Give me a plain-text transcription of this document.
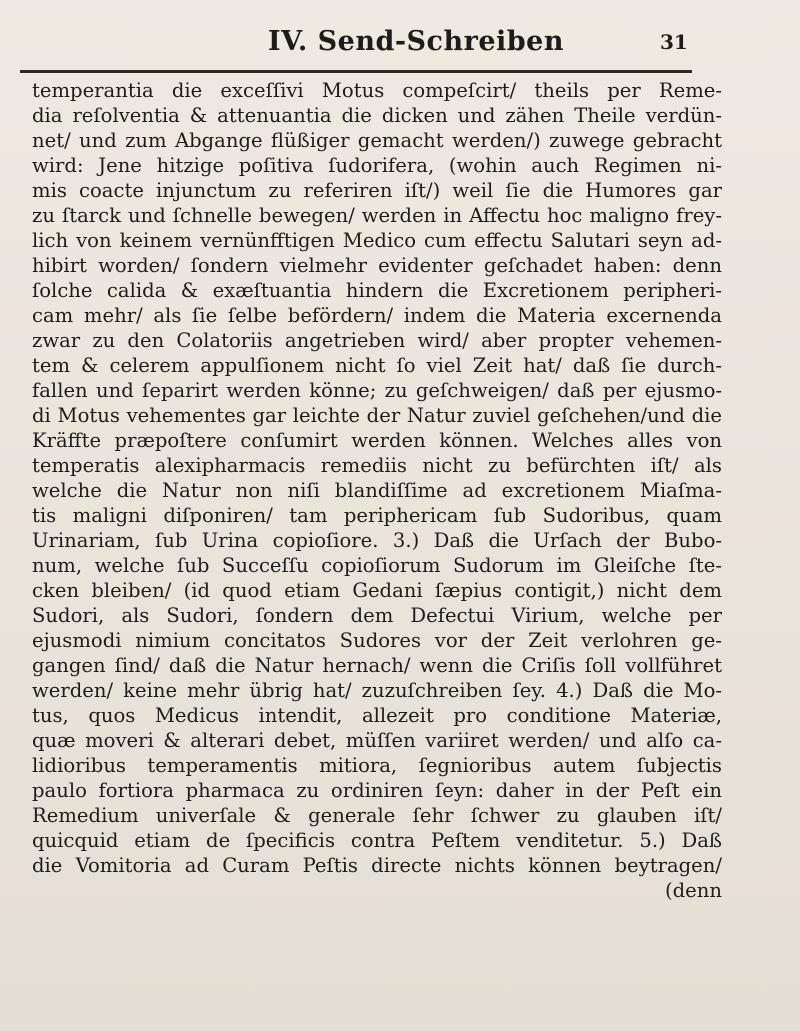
IV. Send-Schreiben	31
temperantia die exceſſivi Motus compeſcirt/ theils per Reme-
dia reſolventia & attenuantia die dicken und zähen Theile verdün-
net/ und zum Abgange flüßiger gemacht werden/) zuwege gebracht
wird: Jene hitzige poſitiva ſudorifera, (wohin auch Regimen ni-
mis coacte injunctum zu referiren iſt/) weil ſie die Humores gar
zu ſtarck und ſchnelle bewegen/ werden in Affectu hoc maligno frey-
lich von keinem vernünfftigen Medico cum effectu Salutari seyn ad-
hibirt worden/ ſondern vielmehr evidenter geſchadet haben: denn
ſolche calida & exæſtuantia hindern die Excretionem peripheri-
cam mehr/ als ſie ſelbe befördern/ indem die Materia excernenda
zwar zu den Colatoriis angetrieben wird/ aber propter vehemen-
tem & celerem appulſionem nicht ſo viel Zeit hat/ daß ſie durch-
fallen und ſeparirt werden könne; zu geſchweigen/ daß per ejusmo-
di Motus vehementes gar leichte der Natur zuviel geſchehen/und die
Kräffte præpoſtere conſumirt werden können. Welches alles von
temperatis alexipharmacis remediis nicht zu befürchten iſt/ als
welche die Natur non niſi blandiſſime ad excretionem Miaſma-
tis maligni diſponiren/ tam periphericam ſub Sudoribus, quam
Urinariam, ſub Urina copioſiore. 3.) Daß die Urſach der Bubo-
num, welche ſub Succeſſu copioſiorum Sudorum im Gleiſche ſte-
cken bleiben/ (id quod etiam Gedani ſæpius contigit,) nicht dem
Sudori, als Sudori, ſondern dem Defectui Virium, welche per
ejusmodi nimium concitatos Sudores vor der Zeit verlohren ge-
gangen ſind/ daß die Natur hernach/ wenn die Criſis ſoll vollführet
werden/ keine mehr übrig hat/ zuzuſchreiben ſey. 4.) Daß die Mo-
tus, quos Medicus intendit, allezeit pro conditione Materiæ,
quæ moveri & alterari debet, müſſen variiret werden/ und alſo ca-
lidioribus temperamentis mitiora, ſegnioribus autem ſubjectis
paulo fortiora pharmaca zu ordiniren ſeyn: daher in der Peſt ein
Remedium univerſale & generale ſehr ſchwer zu glauben iſt/
quicquid etiam de ſpecificis contra Peſtem venditetur. 5.) Daß
die Vomitoria ad Curam Peſtis directe nichts können beytragen/
(denn
